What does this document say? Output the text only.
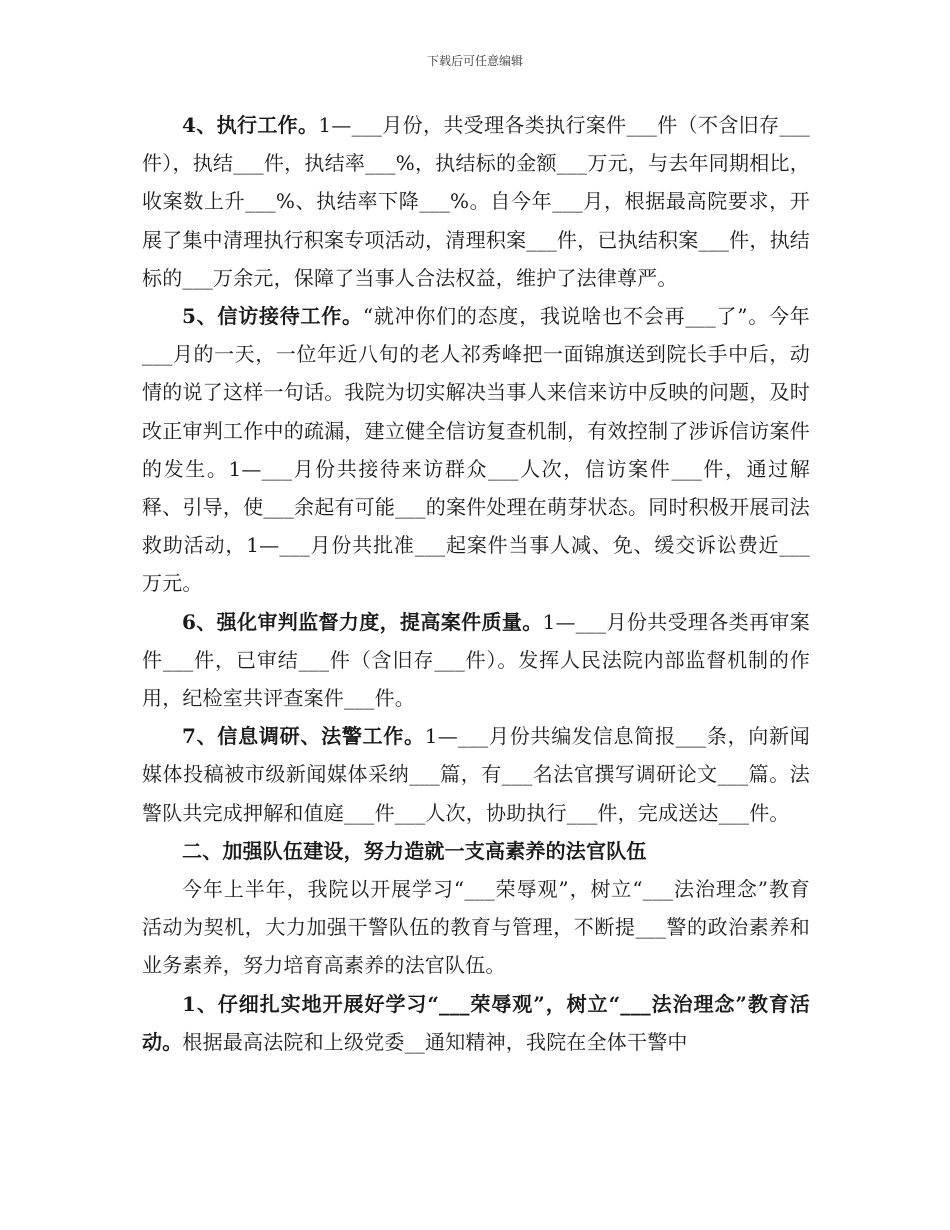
下载后可任意编辑

4、执行工作。1—___月份，共受理各类执行案件___件（不含旧存___件），执结___件，执结率___%，执结标的金额___万元，与去年同期相比，收案数上升___%、执结率下降___%。自今年___月，根据最高院要求，开展了集中清理执行积案专项活动，清理积案___件，已执结积案___件，执结标的___万余元，保障了当事人合法权益，维护了法律尊严。

5、信访接待工作。“就冲你们的态度，我说啥也不会再___了”。今年___月的一天，一位年近八旬的老人祁秀峰把一面锦旗送到院长手中后，动情的说了这样一句话。我院为切实解决当事人来信来访中反映的问题，及时改正审判工作中的疏漏，建立健全信访复查机制，有效控制了涉诉信访案件的发生。1—___月份共接待来访群众___人次，信访案件___件，通过解释、引导，使___余起有可能___的案件处理在萌芽状态。同时积极开展司法救助活动，1—___月份共批准___起案件当事人减、免、缓交诉讼费近___万元。

6、强化审判监督力度，提高案件质量。1—___月份共受理各类再审案件___件，已审结___件（含旧存___件）。发挥人民法院内部监督机制的作用，纪检室共评查案件___件。

7、信息调研、法警工作。1—___月份共编发信息简报___条，向新闻媒体投稿被市级新闻媒体采纳___篇，有___名法官撰写调研论文___篇。法警队共完成押解和值庭___件___人次，协助执行___件，完成送达___件。

二、加强队伍建设，努力造就一支高素养的法官队伍

今年上半年，我院以开展学习“___荣辱观”，树立“___法治理念”教育活动为契机，大力加强干警队伍的教育与管理，不断提___警的政治素养和业务素养，努力培育高素养的法官队伍。

1、仔细扎实地开展好学习“___荣辱观”，树立“___法治理念”教育活动。根据最高法院和上级党委__通知精神，我院在全体干警中
